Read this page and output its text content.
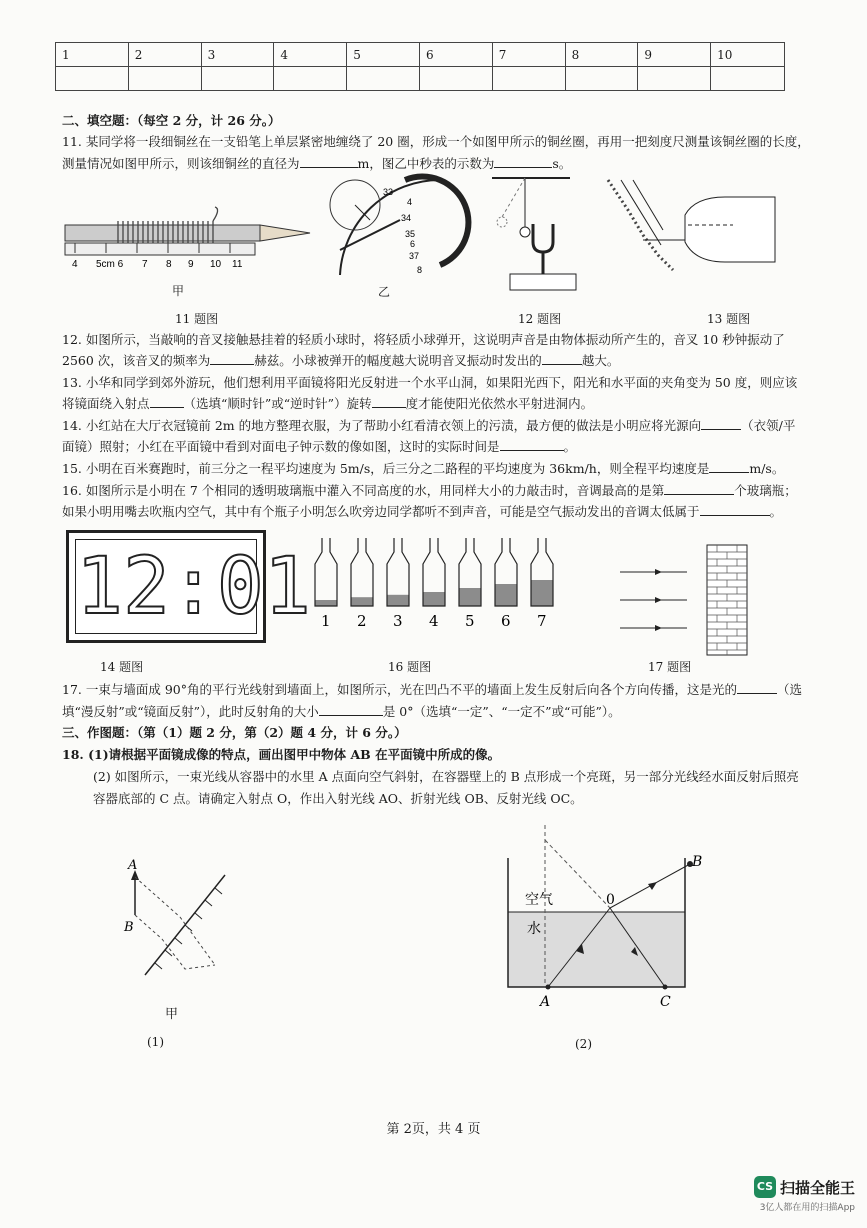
1	2	3	4	5	6	7	8	9	10

二、填空题：（每空 2 分，计 26 分。）
11. 某同学将一段细铜丝在一支铅笔上单层紧密地缠绕了 20 圈，形成一个如图甲所示的铜丝圈，再用一把刻度尺测量该铜丝圈的长度，
测量情况如图甲所示，则该细铜丝的直径为	m，图乙中秒表的示数为	s。
4 5cm 6 7 8 9 10 11
甲
33
4
34
35
6
37
8
乙
11 题图	12 题图	13 题图
12. 如图所示，当敲响的音叉接触悬挂着的轻质小球时，将轻质小球弹开，这说明声音是由物体振动所产生的，音叉 10 秒钟振动了
2560 次，该音叉的频率为	赫兹。小球被弹开的幅度越大说明音叉振动时发出的	越大。
13. 小华和同学到郊外游玩，他们想利用平面镜将阳光反射进一个水平山洞，如果阳光西下，阳光和水平面的夹角变为 50 度，则应该
将镜面绕入射点	（选填“顺时针”或“逆时针”）旋转	度才能使阳光依然水平射进洞内。
14. 小红站在大厅衣冠镜前 2m 的地方整理衣服，为了帮助小红看清衣领上的污渍，最方便的做法是小明应将光源向	（衣领/平
面镜）照射；小红在平面镜中看到对面电子钟示数的像如图，这时的实际时间是	。
15. 小明在百米赛跑时，前三分之一程平均速度为 5m/s，后三分之二路程的平均速度为 36km/h，则全程平均速度是	m/s。
16. 如图所示是小明在 7 个相同的透明玻璃瓶中灌入不同高度的水，用同样大小的力敲击时，音调最高的是第	个玻璃瓶；
如果小明用嘴去吹瓶内空气，其中有个瓶子小明怎么吹旁边同学都听不到声音，可能是空气振动发出的音调太低属于	。
12:01 1 2 3 4 5 6 7
14 题图	16 题图	17 题图
17. 一束与墙面成 90°角的平行光线射到墙面上，如图所示，光在凹凸不平的墙面上发生反射后向各个方向传播，这是光的	（选
填“漫反射”或“镜面反射”），此时反射角的大小	是 0°（选填“一定”、“一定不”或“可能”）。
三、作图题：（第（1）题 2 分，第（2）题 4 分，计 6 分。）
18. (1)请根据平面镜成像的特点，画出图甲中物体 AB 在平面镜中所成的像。
(2) 如图所示，一束光线从容器中的水里 A 点面向空气斜射，在容器壁上的 B 点形成一个亮斑，另一部分光线经水面反射后照亮
容器底部的 C 点。请确定入射点 O，作出入射光线 AO、折射光线 OB、反射光线 OC。
A
B
甲
(1)
空气
水
0
B
A	C
(2)
第 2页，共 4 页
CS 扫描全能王
3亿人都在用的扫描App
